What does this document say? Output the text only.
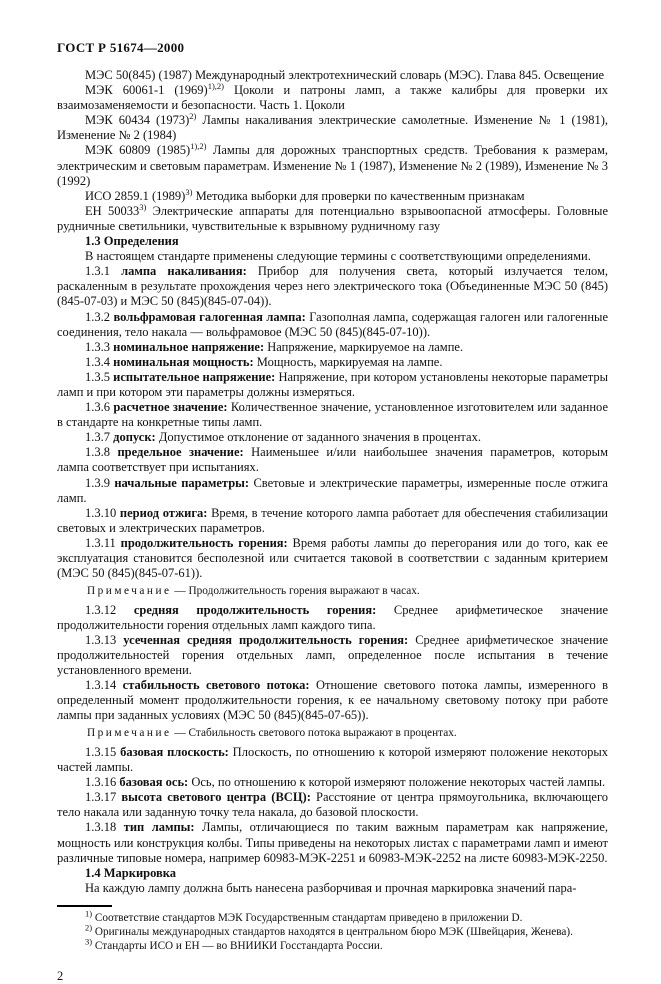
ГОСТ Р 51674—2000

МЭС 50(845) (1987) Международный электротехнический словарь (МЭС). Глава 845. Освещение

МЭК 60061-1 $(1969)^{1),2)}$ Цоколи и патроны ламп, а также калибры для проверки их взаимозаменяемости и безопасности. Часть 1. Цоколи

МЭК 60434 $(1973)^{2)}$ Лампы накаливания электрические самолетные. Изменение № 1 (1981), Изменение № 2 (1984)

МЭК 60809 $(1985)^{1),2)}$ Лампы для дорожных транспортных средств. Требования к размерам, электрическим и световым параметрам. Изменение № 1 (1987), Изменение № 2 (1989), Изменение № 3 (1992)

ИСО 2859.1 $(1989)^{3)}$ Методика выборки для проверки по качественным признакам

ЕН 50033$^{3)}$ Электрические аппараты для потенциально взрывоопасной атмосферы. Головные рудничные светильники, чувствительные к взрывному рудничному газу

1.3 Определения

В настоящем стандарте применены следующие термины с соответствующими определениями.

1.3.1 лампа накаливания: Прибор для получения света, который излучается телом, раскаленным в результате прохождения через него электрического тока (Объединенные МЭС 50 (845)(845-07-03) и МЭС 50 (845)(845-07-04)).

1.3.2 вольфрамовая галогенная лампа: Газополная лампа, содержащая галоген или галогенные соединения, тело накала — вольфрамовое (МЭС 50 (845)(845-07-10)).

1.3.3 номинальное напряжение: Напряжение, маркируемое на лампе.

1.3.4 номинальная мощность: Мощность, маркируемая на лампе.

1.3.5 испытательное напряжение: Напряжение, при котором установлены некоторые параметры ламп и при котором эти параметры должны измеряться.

1.3.6 расчетное значение: Количественное значение, установленное изготовителем или заданное в стандарте на конкретные типы ламп.

1.3.7 допуск: Допустимое отклонение от заданного значения в процентах.

1.3.8 предельное значение: Наименьшее и/или наибольшее значения параметров, которым лампа соответствует при испытаниях.

1.3.9 начальные параметры: Световые и электрические параметры, измеренные после отжига ламп.

1.3.10 период отжига: Время, в течение которого лампа работает для обеспечения стабилизации световых и электрических параметров.

1.3.11 продолжительность горения: Время работы лампы до перегорания или до того, как ее эксплуатация становится бесполезной или считается таковой в соответствии с заданным критерием (МЭС 50 (845)(845-07-61)).

Примечание — Продолжительность горения выражают в часах.

1.3.12 средняя продолжительность горения: Среднее арифметическое значение продолжительности горения отдельных ламп каждого типа.

1.3.13 усеченная средняя продолжительность горения: Среднее арифметическое значение продолжительностей горения отдельных ламп, определенное после испытания в течение установленного времени.

1.3.14 стабильность светового потока: Отношение светового потока лампы, измеренного в определенный момент продолжительности горения, к ее начальному световому потоку при работе лампы при заданных условиях (МЭС 50 (845)(845-07-65)).

Примечание — Стабильность светового потока выражают в процентах.

1.3.15 базовая плоскость: Плоскость, по отношению к которой измеряют положение некоторых частей лампы.

1.3.16 базовая ось: Ось, по отношению к которой измеряют положение некоторых частей лампы.

1.3.17 высота светового центра (ВСЦ): Расстояние от центра прямоугольника, включающего тело накала или заданную точку тела накала, до базовой плоскости.

1.3.18 тип лампы: Лампы, отличающиеся по таким важным параметрам как напряжение, мощность или конструкция колбы. Типы приведены на некоторых листах с параметрами ламп и имеют различные типовые номера, например 60983-МЭК-2251 и 60983-МЭК-2252 на листе 60983-МЭК-2250.

1.4 Маркировка

На каждую лампу должна быть нанесена разборчивая и прочная маркировка значений пара-

$^{1)}$ Соответствие стандартов МЭК Государственным стандартам приведено в приложении D.

$^{2)}$ Оригиналы международных стандартов находятся в центральном бюро МЭК (Швейцария, Женева).

$^{3)}$ Стандарты ИСО и ЕН — во ВНИИКИ Госстандарта России.

2
